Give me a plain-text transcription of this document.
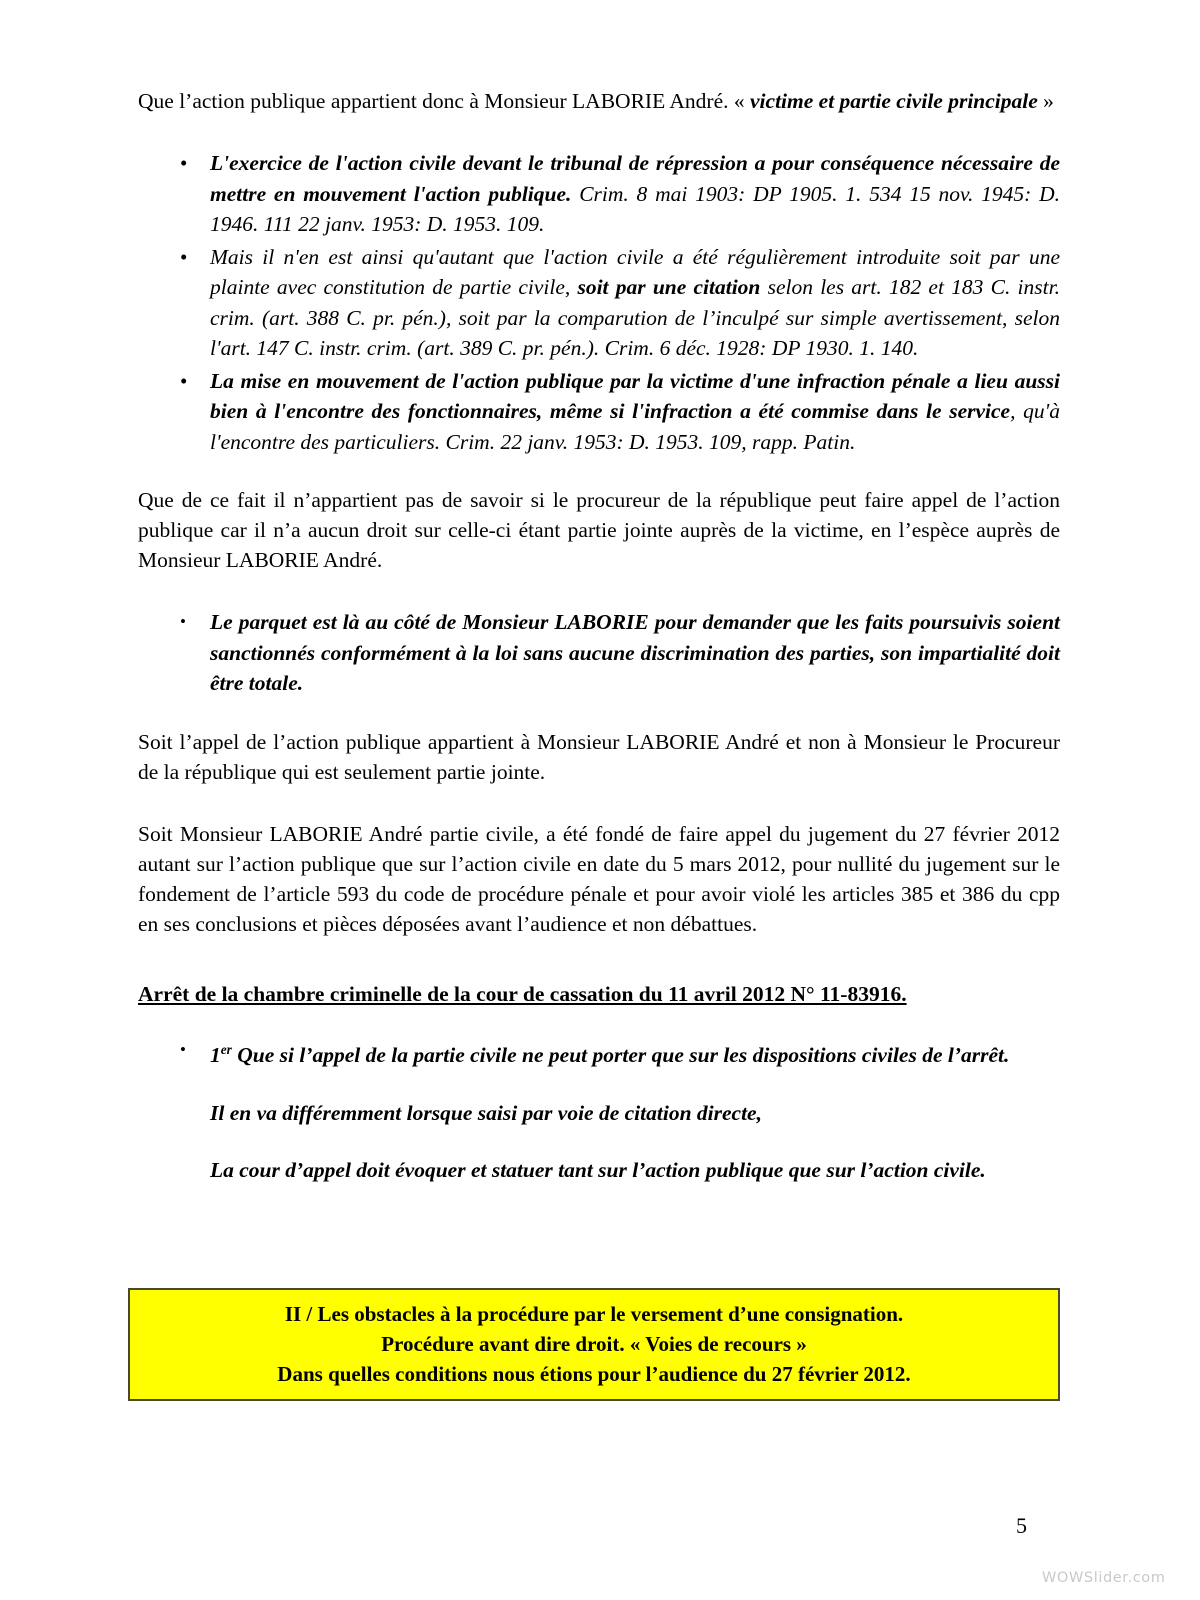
Que l’action publique appartient donc à Monsieur LABORIE André. « victime et partie civile principale »

• L'exercice de l'action civile devant le tribunal de répression a pour conséquence nécessaire de mettre en mouvement l'action publique. Crim. 8 mai 1903: DP 1905. 1. 534 15 nov. 1945: D. 1946. 111 22 janv. 1953: D. 1953. 109.
• Mais il n'en est ainsi qu'autant que l'action civile a été régulièrement introduite soit par une plainte avec constitution de partie civile, soit par une citation selon les art. 182 et 183 C. instr. crim. (art. 388 C. pr. pén.), soit par la comparution de l’inculpé sur simple avertissement, selon l'art. 147 C. instr. crim. (art. 389 C. pr. pén.). Crim. 6 déc. 1928: DP 1930. 1. 140.
• La mise en mouvement de l'action publique par la victime d'une infraction pénale a lieu aussi bien à l'encontre des fonctionnaires, même si l'infraction a été commise dans le service, qu'à l'encontre des particuliers. Crim. 22 janv. 1953: D. 1953. 109, rapp. Patin.

Que de ce fait il n’appartient pas de savoir si le procureur de la république peut faire appel de l’action publique car il n’a aucun droit sur celle-ci étant partie jointe auprès de la victime, en l’espèce auprès de Monsieur LABORIE André.

• Le parquet est là au côté de Monsieur LABORIE pour demander que les faits poursuivis soient sanctionnés conformément à la loi sans aucune discrimination des parties, son impartialité doit être totale.

Soit l’appel de l’action publique appartient à Monsieur LABORIE André et non à Monsieur le Procureur de la république qui est seulement partie jointe.

Soit Monsieur LABORIE André partie civile, a été fondé de faire appel du jugement du 27 février 2012 autant sur l’action publique que sur l’action civile en date du 5 mars 2012, pour nullité du jugement sur le fondement de l’article 593 du code de procédure pénale et pour avoir violé les articles 385 et 386 du cpp en ses conclusions et pièces déposées avant l’audience et non débattues.

Arrêt de la chambre criminelle de la cour de cassation du 11 avril 2012 N° 11-83916.

• 1er Que si l’appel de la partie civile ne peut porter que sur les dispositions civiles de l’arrêt.

Il en va différemment lorsque saisi par voie de citation directe,

La cour d’appel doit évoquer et statuer tant sur l’action publique que sur l’action civile.

II / Les obstacles à la procédure par le versement d’une consignation.
Procédure avant dire droit. « Voies de recours »
Dans quelles conditions nous étions pour l’audience du 27 février 2012.
5
WOWSlider.com
